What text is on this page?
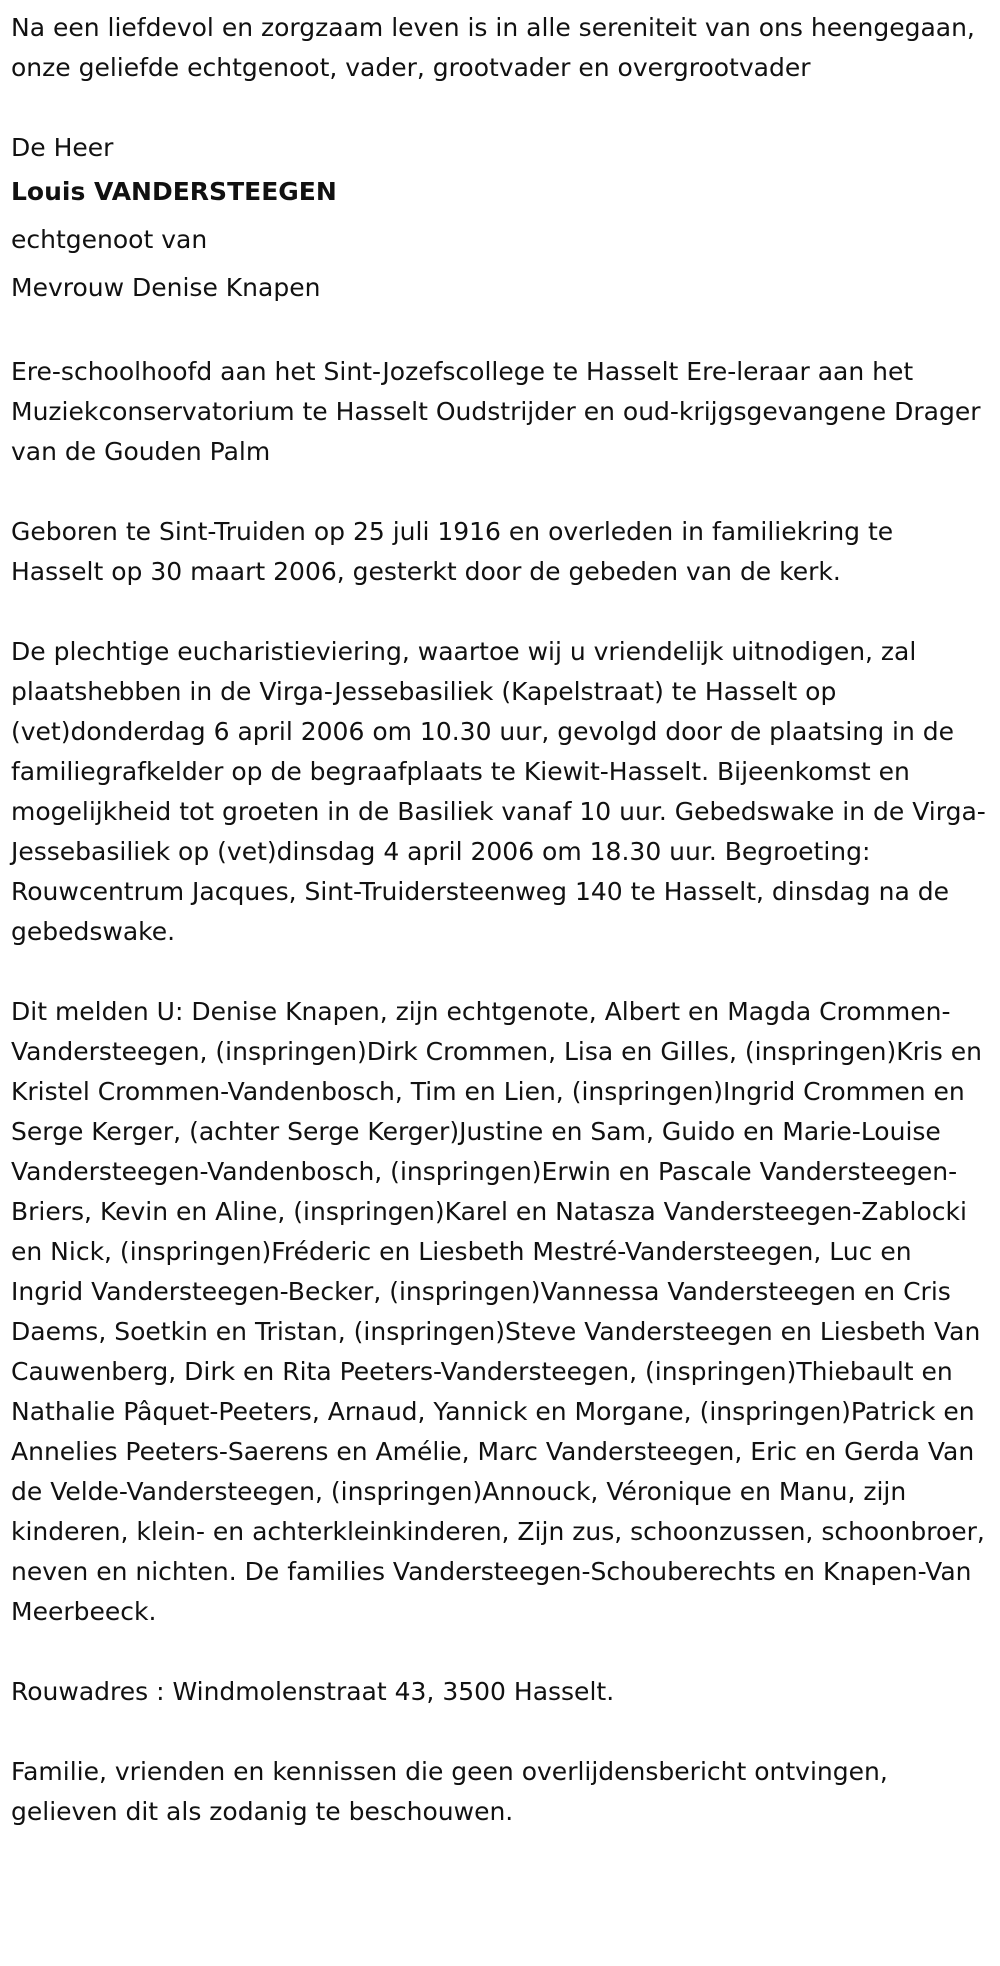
Na een liefdevol en zorgzaam leven is in alle sereniteit van ons heengegaan, onze geliefde echtgenoot, vader, grootvader en overgrootvader

De Heer

Louis VANDERSTEEGEN

echtgenoot van

Mevrouw Denise Knapen

Ere-schoolhoofd aan het Sint-Jozefscollege te Hasselt Ere-leraar aan het Muziekconservatorium te Hasselt Oudstrijder en oud-krijgsgevangene Drager van de Gouden Palm

Geboren te Sint-Truiden op 25 juli 1916 en overleden in familiekring te Hasselt op 30 maart 2006, gesterkt door de gebeden van de kerk.

De plechtige eucharistieviering, waartoe wij u vriendelijk uitnodigen, zal plaatshebben in de Virga-Jessebasiliek (Kapelstraat) te Hasselt op (vet)donderdag 6 april 2006 om 10.30 uur, gevolgd door de plaatsing in de familiegrafkelder op de begraafplaats te Kiewit-Hasselt. Bijeenkomst en mogelijkheid tot groeten in de Basiliek vanaf 10 uur. Gebedswake in de Virga-Jessebasiliek op (vet)dinsdag 4 april 2006 om 18.30 uur. Begroeting: Rouwcentrum Jacques, Sint-Truidersteenweg 140 te Hasselt, dinsdag na de gebedswake.

Dit melden U: Denise Knapen, zijn echtgenote, Albert en Magda Crommen-Vandersteegen, (inspringen)Dirk Crommen, Lisa en Gilles, (inspringen)Kris en Kristel Crommen-Vandenbosch, Tim en Lien, (inspringen)Ingrid Crommen en Serge Kerger, (achter Serge Kerger)Justine en Sam, Guido en Marie-Louise Vandersteegen-Vandenbosch, (inspringen)Erwin en Pascale Vandersteegen-Briers, Kevin en Aline, (inspringen)Karel en Natasza Vandersteegen-Zablocki en Nick, (inspringen)Fréderic en Liesbeth Mestré-Vandersteegen, Luc en Ingrid Vandersteegen-Becker, (inspringen)Vannessa Vandersteegen en Cris Daems, Soetkin en Tristan, (inspringen)Steve Vandersteegen en Liesbeth Van Cauwenberg, Dirk en Rita Peeters-Vandersteegen, (inspringen)Thiebault en Nathalie Pâquet-Peeters, Arnaud, Yannick en Morgane, (inspringen)Patrick en Annelies Peeters-Saerens en Amélie, Marc Vandersteegen, Eric en Gerda Van de Velde-Vandersteegen, (inspringen)Annouck, Véronique en Manu, zijn kinderen, klein- en achterkleinkinderen, Zijn zus, schoonzussen, schoonbroer, neven en nichten. De families Vandersteegen-Schouberechts en Knapen-Van Meerbeeck.

Rouwadres : Windmolenstraat 43, 3500 Hasselt.

Familie, vrienden en kennissen die geen overlijdensbericht ontvingen, gelieven dit als zodanig te beschouwen.
